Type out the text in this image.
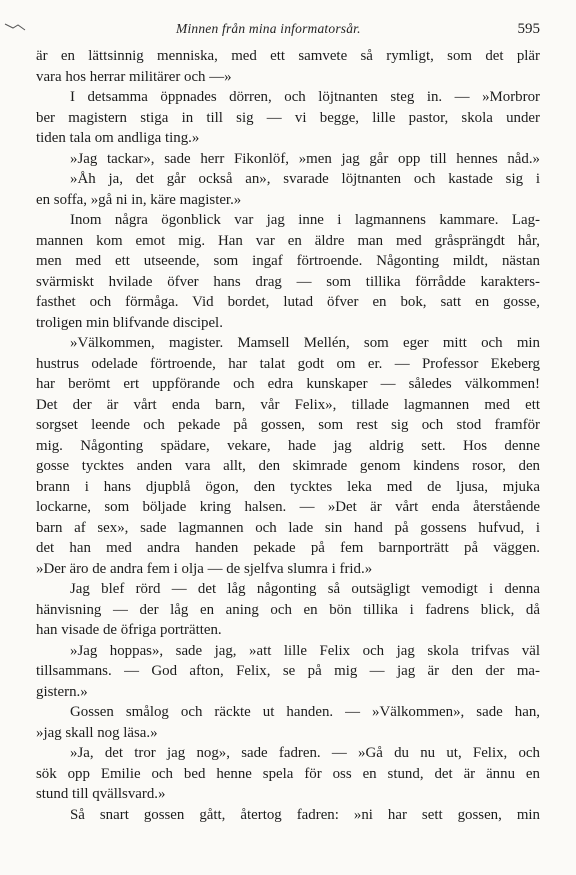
Minnen från mina informatorsår.	595
är en lättsinnig menniska, med ett samvete så rymligt, som det plär
vara hos herrar militärer och —»
I detsamma öppnades dörren, och löjtnanten steg in. — »Morbror
ber magistern stiga in till sig — vi begge, lille pastor, skola under
tiden tala om andliga ting.»
»Jag tackar», sade herr Fikonlöf, »men jag går opp till hennes nåd.»
»Åh ja, det går också an», svarade löjtnanten och kastade sig i
en soffa, »gå ni in, käre magister.»
Inom några ögonblick var jag inne i lagmannens kammare. Lag-
mannen kom emot mig. Han var en äldre man med gråsprängdt hår,
men med ett utseende, som ingaf förtroende. Någonting mildt, nästan
svärmiskt hvilade öfver hans drag — som tillika förrådde karakters-
fasthet och förmåga. Vid bordet, lutad öfver en bok, satt en gosse,
troligen min blifvande discipel.
»Välkommen, magister. Mamsell Mellén, som eger mitt och min
hustrus odelade förtroende, har talat godt om er. — Professor Ekeberg
har berömt ert uppförande och edra kunskaper — således välkommen!
Det der är vårt enda barn, vår Felix», tillade lagmannen med ett
sorgset leende och pekade på gossen, som rest sig och stod framför
mig. Någonting spädare, vekare, hade jag aldrig sett. Hos denne
gosse tycktes anden vara allt, den skimrade genom kindens rosor, den
brann i hans djupblå ögon, den tycktes leka med de ljusa, mjuka
lockarne, som böljade kring halsen. — »Det är vårt enda återstående
barn af sex», sade lagmannen och lade sin hand på gossens hufvud, i
det han med andra handen pekade på fem barnporträtt på väggen.
»Der äro de andra fem i olja — de sjelfva slumra i frid.»
Jag blef rörd — det låg någonting så outsägligt vemodigt i denna
hänvisning — der låg en aning och en bön tillika i fadrens blick, då
han visade de öfriga porträtten.
»Jag hoppas», sade jag, »att lille Felix och jag skola trifvas väl
tillsammans. — God afton, Felix, se på mig — jag är den der ma-
gistern.»
Gossen smålog och räckte ut handen. — »Välkommen», sade han,
»jag skall nog läsa.»
»Ja, det tror jag nog», sade fadren. — »Gå du nu ut, Felix, och
sök opp Emilie och bed henne spela för oss en stund, det är ännu en
stund till qvällsvard.»
Så snart gossen gått, återtog fadren: »ni har sett gossen, min
